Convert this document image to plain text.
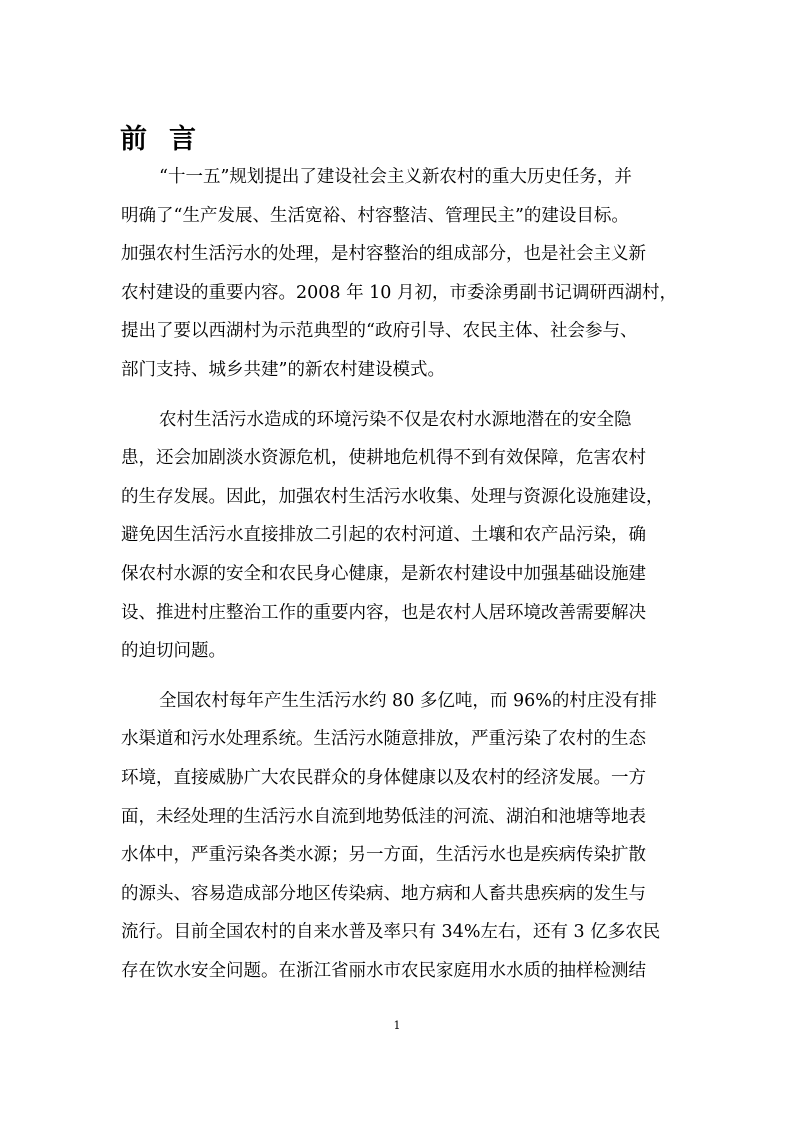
前言
“十一五”规划提出了建设社会主义新农村的重大历史任务，并
明确了“生产发展、生活宽裕、村容整洁、管理民主”的建设目标。
加强农村生活污水的处理，是村容整治的组成部分，也是社会主义新
农村建设的重要内容。2008 年 10 月初，市委涂勇副书记调研西湖村，
提出了要以西湖村为示范典型的“政府引导、农民主体、社会参与、
部门支持、城乡共建”的新农村建设模式。
农村生活污水造成的环境污染不仅是农村水源地潜在的安全隐
患，还会加剧淡水资源危机，使耕地危机得不到有效保障，危害农村
的生存发展。因此，加强农村生活污水收集、处理与资源化设施建设，
避免因生活污水直接排放二引起的农村河道、土壤和农产品污染，确
保农村水源的安全和农民身心健康，是新农村建设中加强基础设施建
设、推进村庄整治工作的重要内容，也是农村人居环境改善需要解决
的迫切问题。
全国农村每年产生生活污水约 80 多亿吨，而 96%的村庄没有排
水渠道和污水处理系统。生活污水随意排放，严重污染了农村的生态
环境，直接威胁广大农民群众的身体健康以及农村的经济发展。一方
面，未经处理的生活污水自流到地势低洼的河流、湖泊和池塘等地表
水体中，严重污染各类水源；另一方面，生活污水也是疾病传染扩散
的源头、容易造成部分地区传染病、地方病和人畜共患疾病的发生与
流行。目前全国农村的自来水普及率只有 34%左右，还有 3 亿多农民
存在饮水安全问题。在浙江省丽水市农民家庭用水水质的抽样检测结
1
